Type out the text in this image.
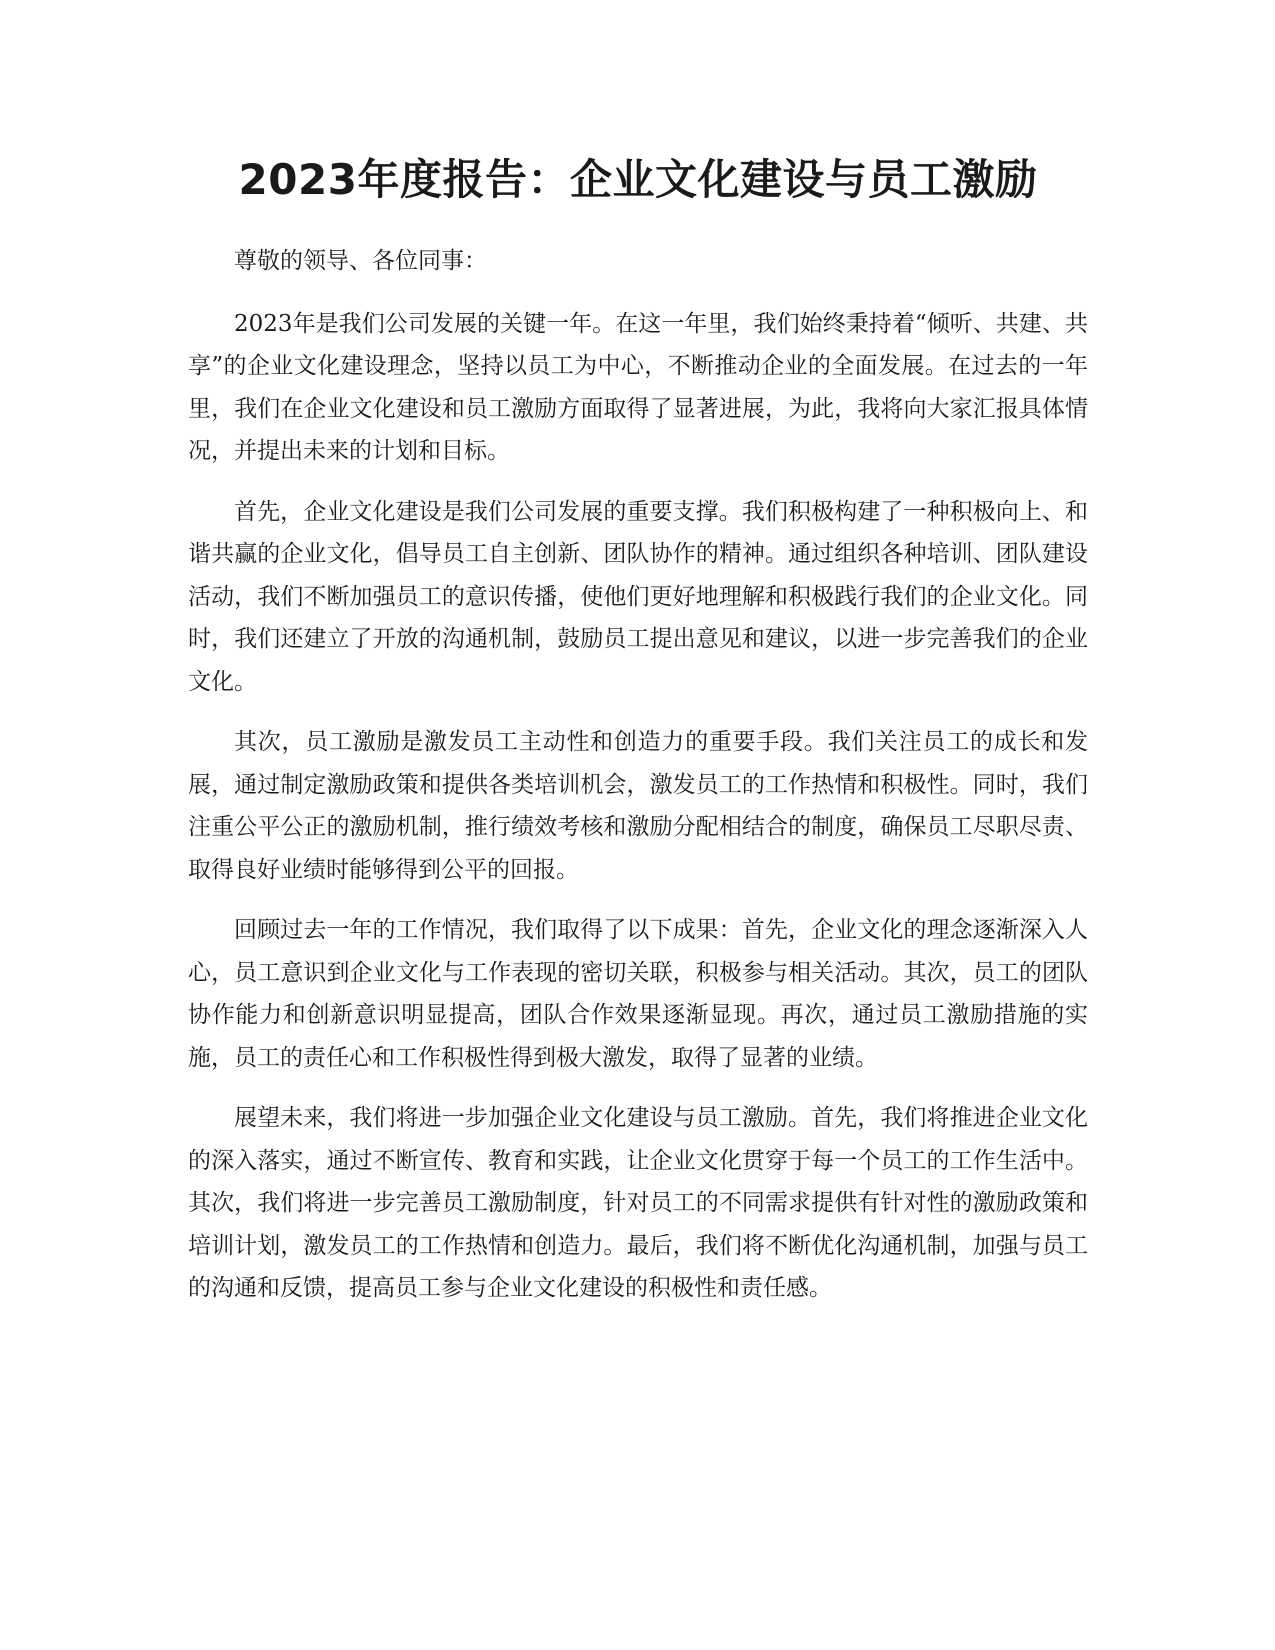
2023年度报告：企业文化建设与员工激励

尊敬的领导、各位同事：

2023年是我们公司发展的关键一年。在这一年里，我们始终秉持着“倾听、共建、共享”的企业文化建设理念，坚持以员工为中心，不断推动企业的全面发展。在过去的一年里，我们在企业文化建设和员工激励方面取得了显著进展，为此，我将向大家汇报具体情况，并提出未来的计划和目标。

首先，企业文化建设是我们公司发展的重要支撑。我们积极构建了一种积极向上、和谐共赢的企业文化，倡导员工自主创新、团队协作的精神。通过组织各种培训、团队建设活动，我们不断加强员工的意识传播，使他们更好地理解和积极践行我们的企业文化。同时，我们还建立了开放的沟通机制，鼓励员工提出意见和建议，以进一步完善我们的企业文化。

其次，员工激励是激发员工主动性和创造力的重要手段。我们关注员工的成长和发展，通过制定激励政策和提供各类培训机会，激发员工的工作热情和积极性。同时，我们注重公平公正的激励机制，推行绩效考核和激励分配相结合的制度，确保员工尽职尽责、取得良好业绩时能够得到公平的回报。

回顾过去一年的工作情况，我们取得了以下成果：首先，企业文化的理念逐渐深入人心，员工意识到企业文化与工作表现的密切关联，积极参与相关活动。其次，员工的团队协作能力和创新意识明显提高，团队合作效果逐渐显现。再次，通过员工激励措施的实施，员工的责任心和工作积极性得到极大激发，取得了显著的业绩。

展望未来，我们将进一步加强企业文化建设与员工激励。首先，我们将推进企业文化的深入落实，通过不断宣传、教育和实践，让企业文化贯穿于每一个员工的工作生活中。其次，我们将进一步完善员工激励制度，针对员工的不同需求提供有针对性的激励政策和培训计划，激发员工的工作热情和创造力。最后，我们将不断优化沟通机制，加强与员工的沟通和反馈，提高员工参与企业文化建设的积极性和责任感。
